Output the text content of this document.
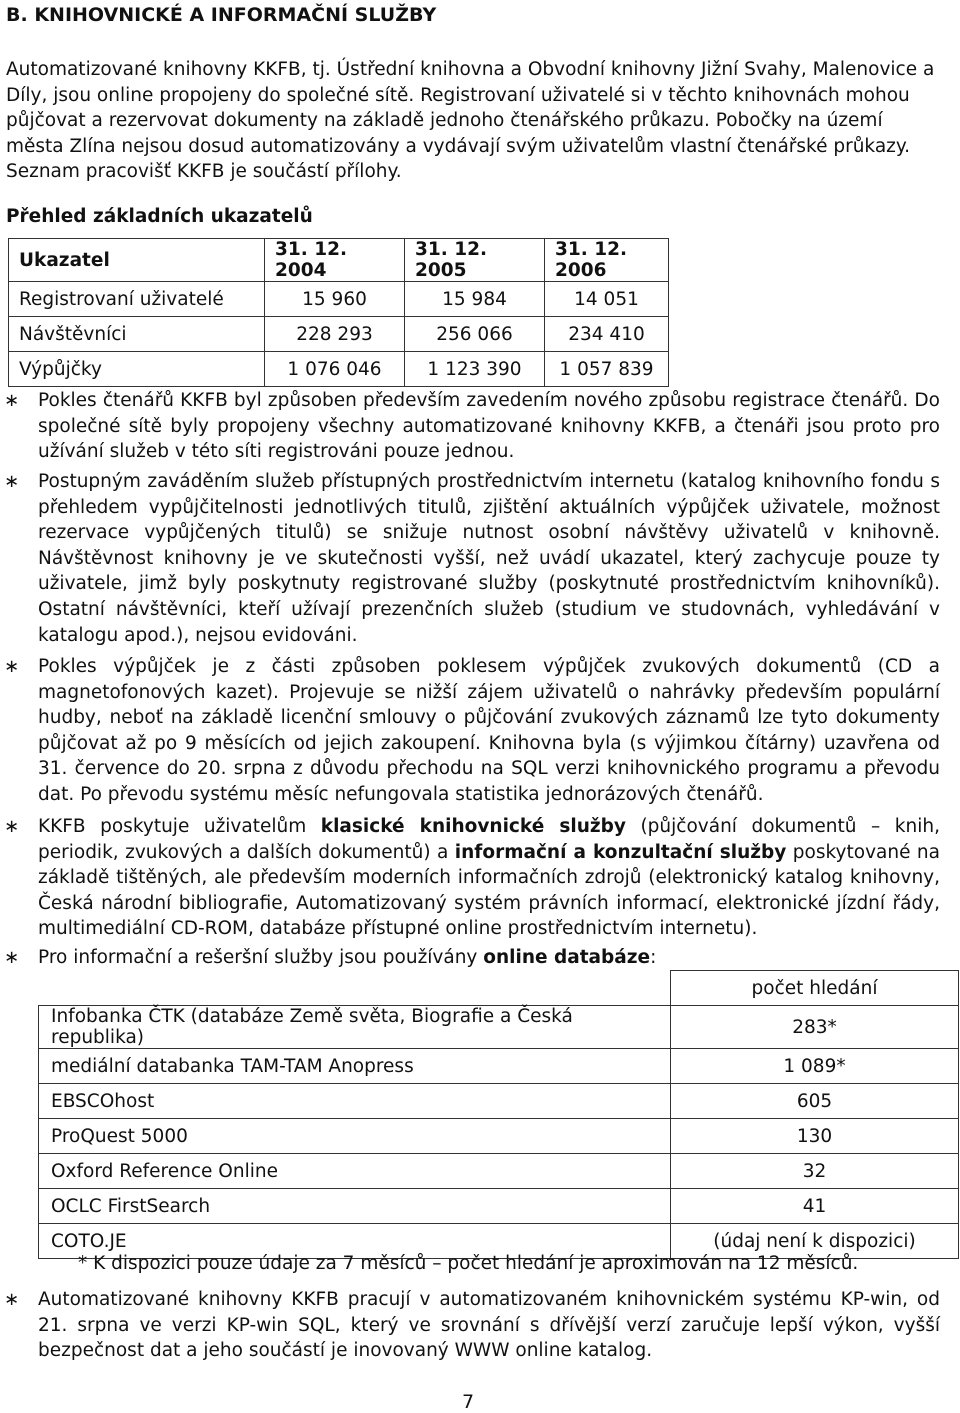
B. KNIHOVNICKÉ A INFORMAČNÍ SLUŽBY
Automatizované knihovny KKFB, tj. Ústřední knihovna a Obvodní knihovny Jižní Svahy, Malenovice a Díly, jsou online propojeny do společné sítě. Registrovaní uživatelé si v těchto knihovnách mohou půjčovat a rezervovat dokumenty na základě jednoho čtenářského průkazu. Pobočky na území města Zlína nejsou dosud automatizovány a vydávají svým uživatelům vlastní čtenářské průkazy. Seznam pracovišť KKFB je součástí přílohy.
Přehled základních ukazatelů
Ukazatel	31. 12. 2004	31. 12. 2005	31. 12. 2006
Registrovaní uživatelé	15 960	15 984	14 051
Návštěvníci	228 293	256 066	234 410
Výpůjčky	1 076 046	1 123 390	1 057 839
∗ Pokles čtenářů KKFB byl způsoben především zavedením nového způsobu registrace čtenářů. Do společné sítě byly propojeny všechny automatizované knihovny KKFB, a čtenáři jsou proto pro užívání služeb v této síti registrováni pouze jednou.
∗ Postupným zaváděním služeb přístupných prostřednictvím internetu (katalog knihovního fondu s přehledem vypůjčitelnosti jednotlivých titulů, zjištění aktuálních výpůjček uživatele, možnost rezervace vypůjčených titulů) se snižuje nutnost osobní návštěvy uživatelů v knihovně. Návštěvnost knihovny je ve skutečnosti vyšší, než uvádí ukazatel, který zachycuje pouze ty uživatele, jimž byly poskytnuty registrované služby (poskytnuté prostřednictvím knihovníků). Ostatní návštěvníci, kteří užívají prezenčních služeb (studium ve studovnách, vyhledávání v katalogu apod.), nejsou evidováni.
∗ Pokles výpůjček je z části způsoben poklesem výpůjček zvukových dokumentů (CD a magnetofonových kazet). Projevuje se nižší zájem uživatelů o nahrávky především populární hudby, neboť na základě licenční smlouvy o půjčování zvukových záznamů lze tyto dokumenty půjčovat až po 9 měsících od jejich zakoupení. Knihovna byla (s výjimkou čítárny) uzavřena od 31. července do 20. srpna z důvodu přechodu na SQL verzi knihovnického programu a převodu dat. Po převodu systému měsíc nefungovala statistika jednorázových čtenářů.
∗ KKFB poskytuje uživatelům klasické knihovnické služby (půjčování dokumentů – knih, periodik, zvukových a dalších dokumentů) a informační a konzultační služby poskytované na základě tištěných, ale především moderních informačních zdrojů (elektronický katalog knihovny, Česká národní bibliografie, Automatizovaný systém právních informací, elektronické jízdní řády, multimediální CD-ROM, databáze přístupné online prostřednictvím internetu).
∗ Pro informační a rešeršní služby jsou používány online databáze:
	počet hledání
Infobanka ČTK (databáze Země světa, Biografie a Česká republika)	283*
mediální databanka TAM-TAM Anopress	1 089*
EBSCOhost	605
ProQuest 5000	130
Oxford Reference Online	32
OCLC FirstSearch	41
COTO.JE	(údaj není k dispozici)
* K dispozici pouze údaje za 7 měsíců – počet hledání je aproximován na 12 měsíců.
∗ Automatizované knihovny KKFB pracují v automatizovaném knihovnickém systému KP-win, od 21. srpna ve verzi KP-win SQL, který ve srovnání s dřívější verzí zaručuje lepší výkon, vyšší bezpečnost dat a jeho součástí je inovovaný WWW online katalog.
7
